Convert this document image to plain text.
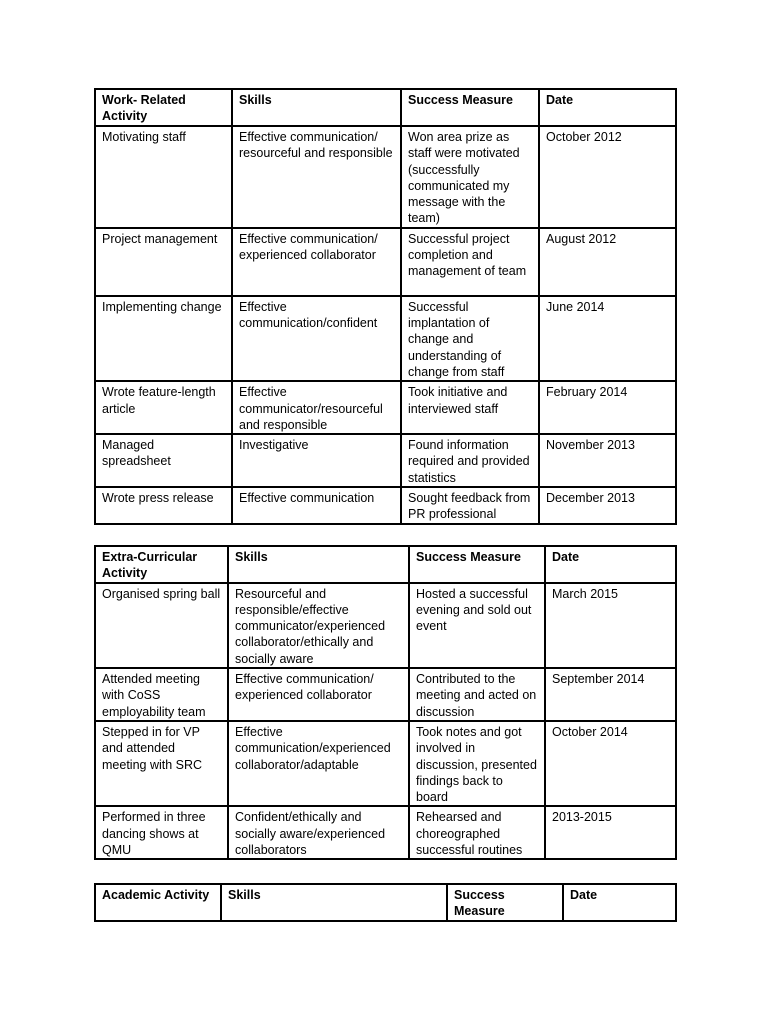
Work- Related Activity	Skills	Success Measure	Date
Motivating staff	Effective communication/ resourceful and responsible	Won area prize as staff were motivated (successfully communicated my message with the team)	October 2012
Project management	Effective communication/ experienced collaborator	Successful project completion and management of team	August 2012
Implementing change	Effective communication/confident	Successful implantation of change and understanding of change from staff	June 2014
Wrote feature-length article	Effective communicator/resourceful and responsible	Took initiative and interviewed staff	February 2014
Managed spreadsheet	Investigative	Found information required and provided statistics	November 2013
Wrote press release	Effective communication	Sought feedback from PR professional	December 2013
Extra-Curricular Activity	Skills	Success Measure	Date
Organised spring ball	Resourceful and responsible/effective communicator/experienced collaborator/ethically and socially aware	Hosted a successful evening and sold out event	March 2015
Attended meeting with CoSS employability team	Effective communication/ experienced collaborator	Contributed to the meeting and acted on discussion	September 2014
Stepped in for VP and attended meeting with SRC	Effective communication/experienced collaborator/adaptable	Took notes and got involved in discussion, presented findings back to board	October 2014
Performed in three dancing shows at QMU	Confident/ethically and socially aware/experienced collaborators	Rehearsed and choreographed successful routines	2013-2015
Academic Activity	Skills	Success Measure	Date
